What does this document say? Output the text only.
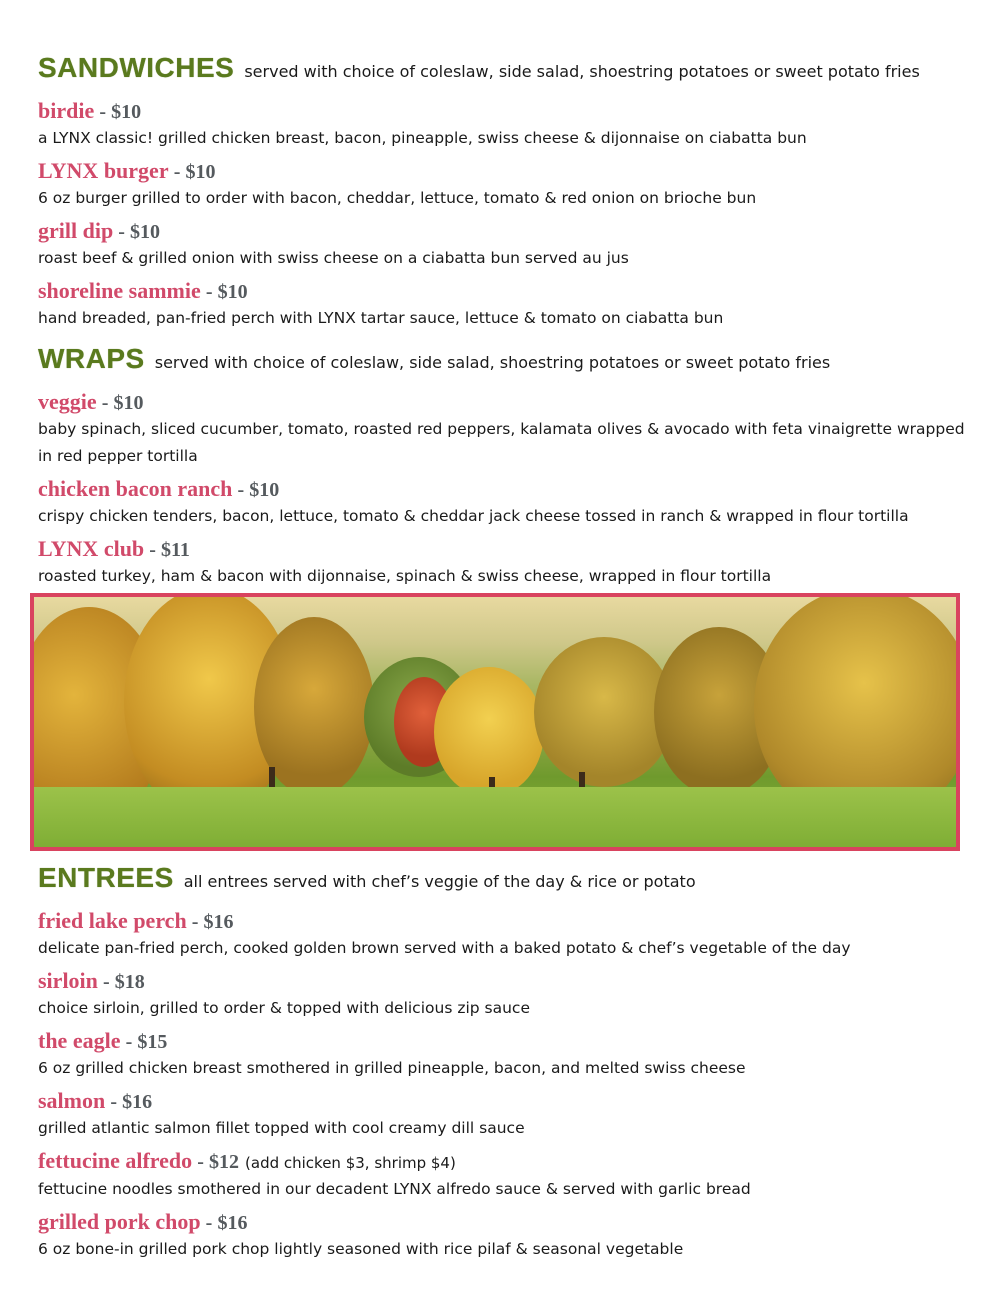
SANDWICHES served with choice of coleslaw, side salad, shoestring potatoes or sweet potato fries
birdie - $10
a LYNX classic! grilled chicken breast, bacon, pineapple, swiss cheese & dijonnaise on ciabatta bun
LYNX burger - $10
6 oz burger grilled to order with bacon, cheddar, lettuce, tomato & red onion on brioche bun
grill dip - $10
roast beef & grilled onion with swiss cheese on a ciabatta bun served au jus
shoreline sammie - $10
hand breaded, pan-fried perch with LYNX tartar sauce, lettuce & tomato on ciabatta bun
WRAPS served with choice of coleslaw, side salad, shoestring potatoes or sweet potato fries
veggie - $10
baby spinach, sliced cucumber, tomato, roasted red peppers, kalamata olives & avocado with feta vinaigrette wrapped in red pepper tortilla
chicken bacon ranch - $10
crispy chicken tenders, bacon, lettuce, tomato & cheddar jack cheese tossed in ranch & wrapped in flour tortilla
LYNX club - $11
roasted turkey, ham & bacon with dijonnaise, spinach & swiss cheese, wrapped in flour tortilla
ENTREES all entrees served with chef’s veggie of the day & rice or potato
fried lake perch - $16
delicate pan-fried perch, cooked golden brown served with a baked potato & chef’s vegetable of the day
sirloin - $18
choice sirloin, grilled to order & topped with delicious zip sauce
the eagle - $15
6 oz grilled chicken breast smothered in grilled pineapple, bacon, and melted swiss cheese
salmon - $16
grilled atlantic salmon fillet topped with cool creamy dill sauce
fettucine alfredo - $12 (add chicken $3, shrimp $4)
fettucine noodles smothered in our decadent LYNX alfredo sauce & served with garlic bread
grilled pork chop - $16
6 oz bone-in grilled pork chop lightly seasoned with rice pilaf & seasonal vegetable
